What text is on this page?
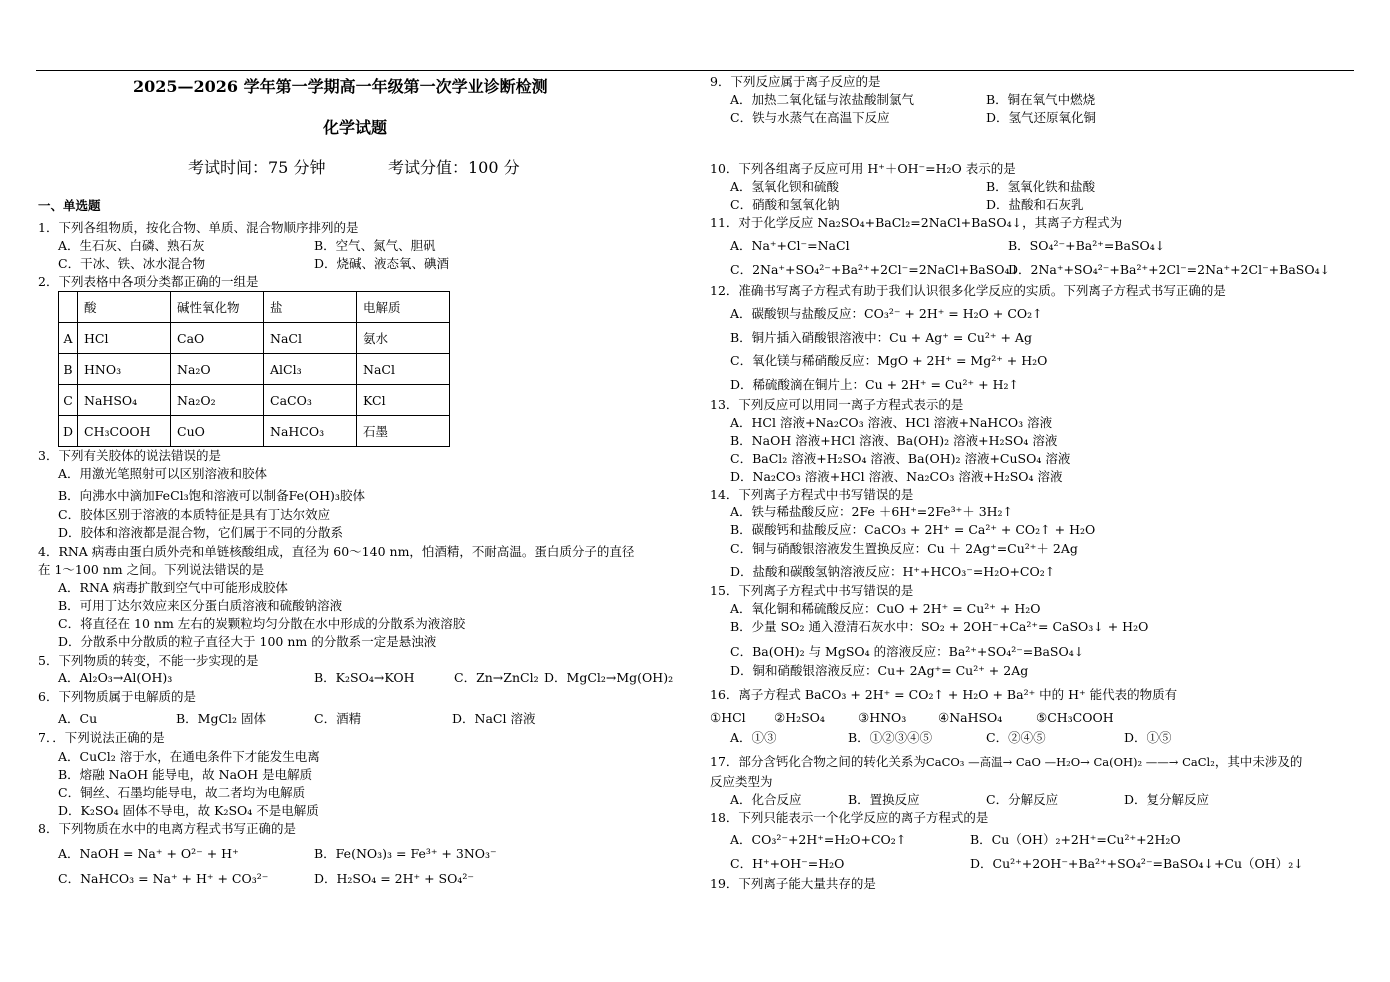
2025—2026 学年第一学期高一年级第一次学业诊断检测
化学试题
考试时间：75 分钟	考试分值：100 分
一、单选题
1．下列各组物质，按化合物、单质、混合物顺序排列的是
A．生石灰、白磷、熟石灰	B．空气、氮气、胆矾
C．干冰、铁、冰水混合物	D．烧碱、液态氧、碘酒
2．下列表格中各项分类都正确的一组是
	酸	碱性氧化物	盐	电解质
A	HCl	CaO	NaCl	氨水
B	HNO₃	Na₂O	AlCl₃	NaCl
C	NaHSO₄	Na₂O₂	CaCO₃	KCl
D	CH₃COOH	CuO	NaHCO₃	石墨
3．下列有关胶体的说法错误的是
A．用激光笔照射可以区别溶液和胶体
B．向沸水中滴加FeCl₃饱和溶液可以制备Fe(OH)₃胶体
C．胶体区别于溶液的本质特征是具有丁达尔效应
D．胶体和溶液都是混合物，它们属于不同的分散系
4．RNA 病毒由蛋白质外壳和单链核酸组成，直径为 60～140 nm，怕酒精，不耐高温。蛋白质分子的直径
在 1～100 nm 之间。下列说法错误的是
A．RNA 病毒扩散到空气中可能形成胶体
B．可用丁达尔效应来区分蛋白质溶液和硫酸钠溶液
C．将直径在 10 nm 左右的炭颗粒均匀分散在水中形成的分散系为液溶胶
D．分散系中分散质的粒子直径大于 100 nm 的分散系一定是悬浊液
5．下列物质的转变，不能一步实现的是
A．Al₂O₃→Al(OH)₃	B．K₂SO₄→KOH	C．Zn→ZnCl₂ D．MgCl₂→Mg(OH)₂
6．下列物质属于电解质的是
A．Cu	B．MgCl₂ 固体	C．酒精	D．NaCl 溶液
7．．下列说法正确的是
A．CuCl₂ 溶于水，在通电条件下才能发生电离
B．熔融 NaOH 能导电，故 NaOH 是电解质
C．铜丝、石墨均能导电，故二者均为电解质
D．K₂SO₄ 固体不导电，故 K₂SO₄ 不是电解质
8．下列物质在水中的电离方程式书写正确的是
A．NaOH = Na⁺ + O²⁻ + H⁺	B．Fe(NO₃)₃ = Fe³⁺ + 3NO₃⁻
C．NaHCO₃ = Na⁺ + H⁺ + CO₃²⁻	D．H₂SO₄ = 2H⁺ + SO₄²⁻
9．下列反应属于离子反应的是
A．加热二氧化锰与浓盐酸制氯气	B．铜在氧气中燃烧
C．铁与水蒸气在高温下反应	D．氢气还原氧化铜
10．下列各组离子反应可用 H⁺＋OH⁻=H₂O 表示的是
A．氢氧化钡和硫酸	B．氢氧化铁和盐酸
C．硝酸和氢氧化钠	D．盐酸和石灰乳
11．对于化学反应 Na₂SO₄+BaCl₂=2NaCl+BaSO₄↓，其离子方程式为
A．Na⁺+Cl⁻=NaCl	B．SO₄²⁻+Ba²⁺=BaSO₄↓
C．2Na⁺+SO₄²⁻+Ba²⁺+2Cl⁻=2NaCl+BaSO₄↓
D．2Na⁺+SO₄²⁻+Ba²⁺+2Cl⁻=2Na⁺+2Cl⁻+BaSO₄↓
12．准确书写离子方程式有助于我们认识很多化学反应的实质。下列离子方程式书写正确的是
A．碳酸钡与盐酸反应：CO₃²⁻ + 2H⁺ = H₂O + CO₂↑
B．铜片插入硝酸银溶液中：Cu + Ag⁺ = Cu²⁺ + Ag
C．氧化镁与稀硝酸反应：MgO + 2H⁺ = Mg²⁺ + H₂O
D．稀硫酸滴在铜片上：Cu + 2H⁺ = Cu²⁺ + H₂↑
13．下列反应可以用同一离子方程式表示的是
A．HCl 溶液+Na₂CO₃ 溶液、HCl 溶液+NaHCO₃ 溶液
B．NaOH 溶液+HCl 溶液、Ba(OH)₂ 溶液+H₂SO₄ 溶液
C．BaCl₂ 溶液+H₂SO₄ 溶液、Ba(OH)₂ 溶液+CuSO₄ 溶液
D．Na₂CO₃ 溶液+HCl 溶液、Na₂CO₃ 溶液+H₂SO₄ 溶液
14．下列离子方程式中书写错误的是
A．铁与稀盐酸反应：2Fe ＋6H⁺=2Fe³⁺＋ 3H₂↑
B．碳酸钙和盐酸反应：CaCO₃ + 2H⁺ = Ca²⁺ + CO₂↑ + H₂O
C．铜与硝酸银溶液发生置换反应：Cu ＋ 2Ag⁺=Cu²⁺＋ 2Ag
D．盐酸和碳酸氢钠溶液反应：H⁺+HCO₃⁻=H₂O+CO₂↑
15．下列离子方程式中书写错误的是
A．氧化铜和稀硫酸反应：CuO + 2H⁺ = Cu²⁺ + H₂O
B．少量 SO₂ 通入澄清石灰水中：SO₂ + 2OH⁻+Ca²⁺= CaSO₃↓ + H₂O
C．Ba(OH)₂ 与 MgSO₄ 的溶液反应：Ba²⁺+SO₄²⁻=BaSO₄↓
D．铜和硝酸银溶液反应：Cu+ 2Ag⁺= Cu²⁺ + 2Ag
16．离子方程式 BaCO₃ + 2H⁺ = CO₂↑ + H₂O + Ba²⁺ 中的 H⁺ 能代表的物质有
①HCl ②H₂SO₄	③HNO₃	④NaHSO₄	⑤CH₃COOH
A．①③	B．①②③④⑤	C．②④⑤	D．①⑤
17．部分含钙化合物之间的转化关系为CaCO₃ —高温→ CaO —H₂O→ Ca(OH)₂ ——→ CaCl₂，其中未涉及的
反应类型为
A．化合反应	B．置换反应	C．分解反应	D．复分解反应
18．下列只能表示一个化学反应的离子方程式的是
A．CO₃²⁻+2H⁺=H₂O+CO₂↑	B．Cu（OH）₂+2H⁺=Cu²⁺+2H₂O
C．H⁺+OH⁻=H₂O	D．Cu²⁺+2OH⁻+Ba²⁺+SO₄²⁻=BaSO₄↓+Cu（OH）₂↓
19．下列离子能大量共存的是
